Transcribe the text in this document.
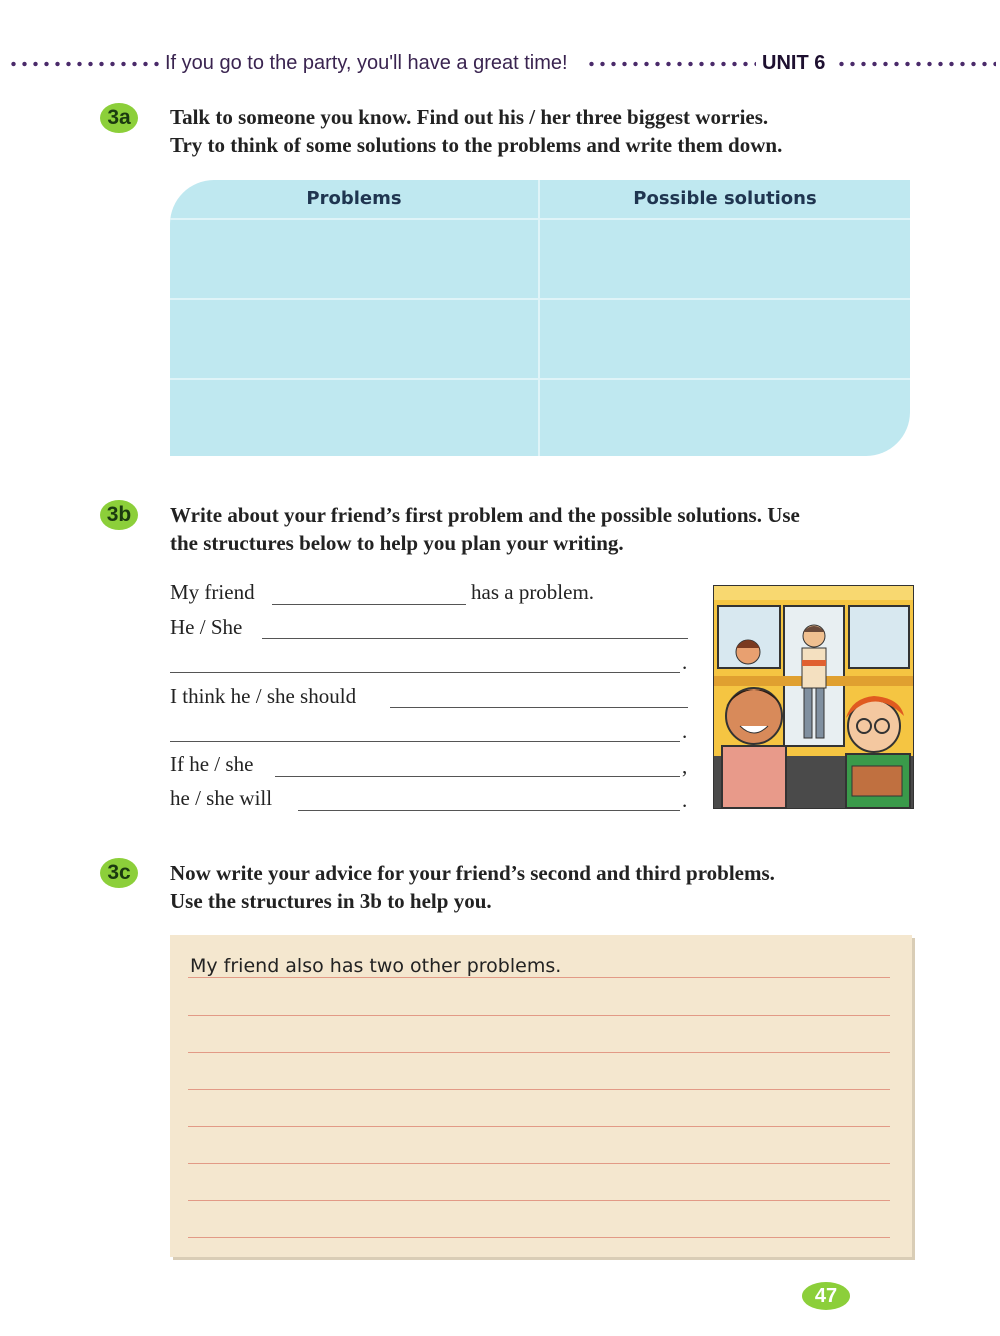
If you go to the party, you'll have a great time!	UNIT 6
3a	Talk to someone you know. Find out his / her three biggest worries.
Try to think of some solutions to the problems and write them down.
Problems	Possible solutions
3b	Write about your friend’s first problem and the possible solutions. Use
the structures below to help you plan your writing.
My friend	has a problem.
He / She
.
I think he / she should
.
If he / she	,
he / she will	.
3c	Now write your advice for your friend’s second and third problems.
Use the structures in 3b to help you.
My friend also has two other problems.
47
